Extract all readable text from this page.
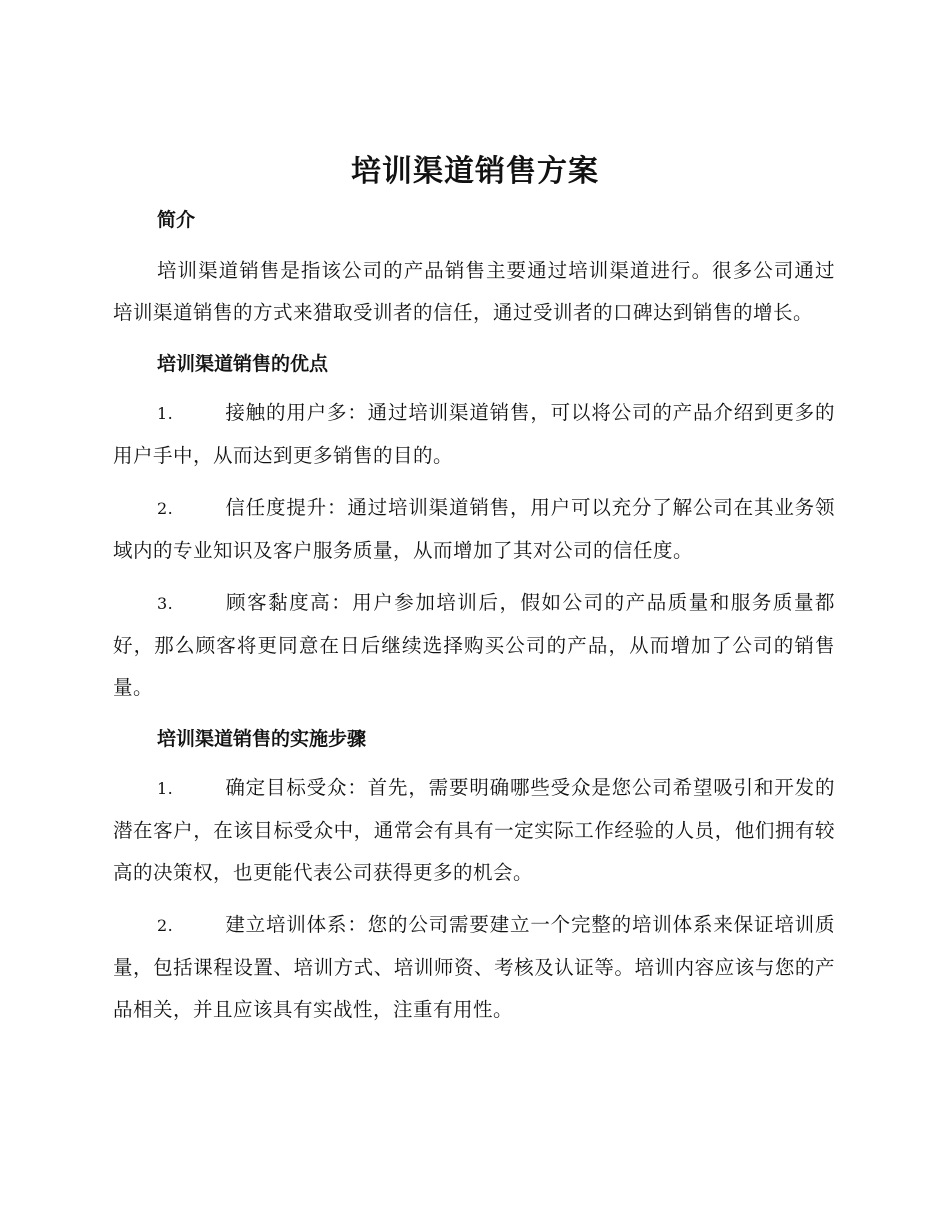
培训渠道销售方案
简介

培训渠道销售是指该公司的产品销售主要通过培训渠道进行。很多公司通过培训渠道销售的方式来猎取受训者的信任，通过受训者的口碑达到销售的增长。

培训渠道销售的优点

1.	接触的用户多：通过培训渠道销售，可以将公司的产品介绍到更多的用户手中，从而达到更多销售的目的。

2.	信任度提升：通过培训渠道销售，用户可以充分了解公司在其业务领域内的专业知识及客户服务质量，从而增加了其对公司的信任度。

3.	顾客黏度高：用户参加培训后，假如公司的产品质量和服务质量都好，那么顾客将更同意在日后继续选择购买公司的产品，从而增加了公司的销售量。

培训渠道销售的实施步骤

1.	确定目标受众：首先，需要明确哪些受众是您公司希望吸引和开发的潜在客户，在该目标受众中，通常会有具有一定实际工作经验的人员，他们拥有较高的决策权，也更能代表公司获得更多的机会。

2.	建立培训体系：您的公司需要建立一个完整的培训体系来保证培训质量，包括课程设置、培训方式、培训师资、考核及认证等。培训内容应该与您的产品相关，并且应该具有实战性，注重有用性。
